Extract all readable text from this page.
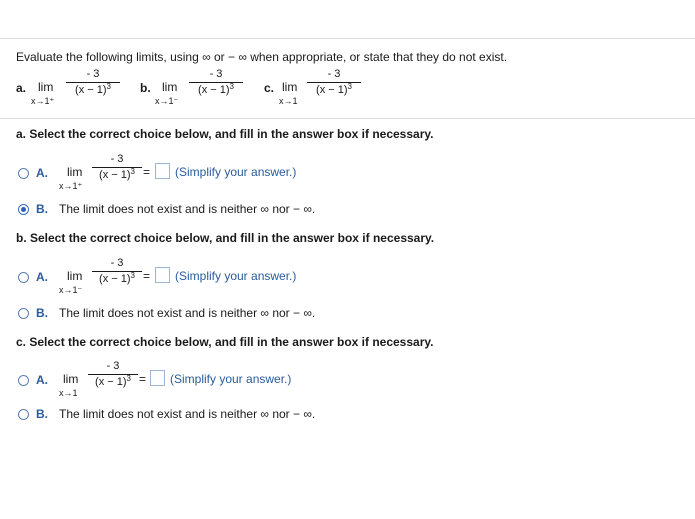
Evaluate the following limits, using ∞ or − ∞ when appropriate, or state that they do not exist.
a. lim
x→1⁺
- 3
$(x - 1)^3$ b. lim
x→1⁻
- 3
$(x - 1)^3$	c. lim
x→1
- 3
$(x - 1)^3$
a. Select the correct choice below, and fill in the answer box if necessary.
A. lim
x→1⁺
- 3
$(x - 1)^3$ = (Simplify your answer.)
B. The limit does not exist and is neither ∞ nor − ∞.
b. Select the correct choice below, and fill in the answer box if necessary.
A. lim
x→1⁻
- 3
$(x - 1)^3$ = (Simplify your answer.)
B. The limit does not exist and is neither ∞ nor − ∞.
c. Select the correct choice below, and fill in the answer box if necessary.
A. lim
x→1
- 3
$(x - 1)^3$ = (Simplify your answer.)
B. The limit does not exist and is neither ∞ nor − ∞.
